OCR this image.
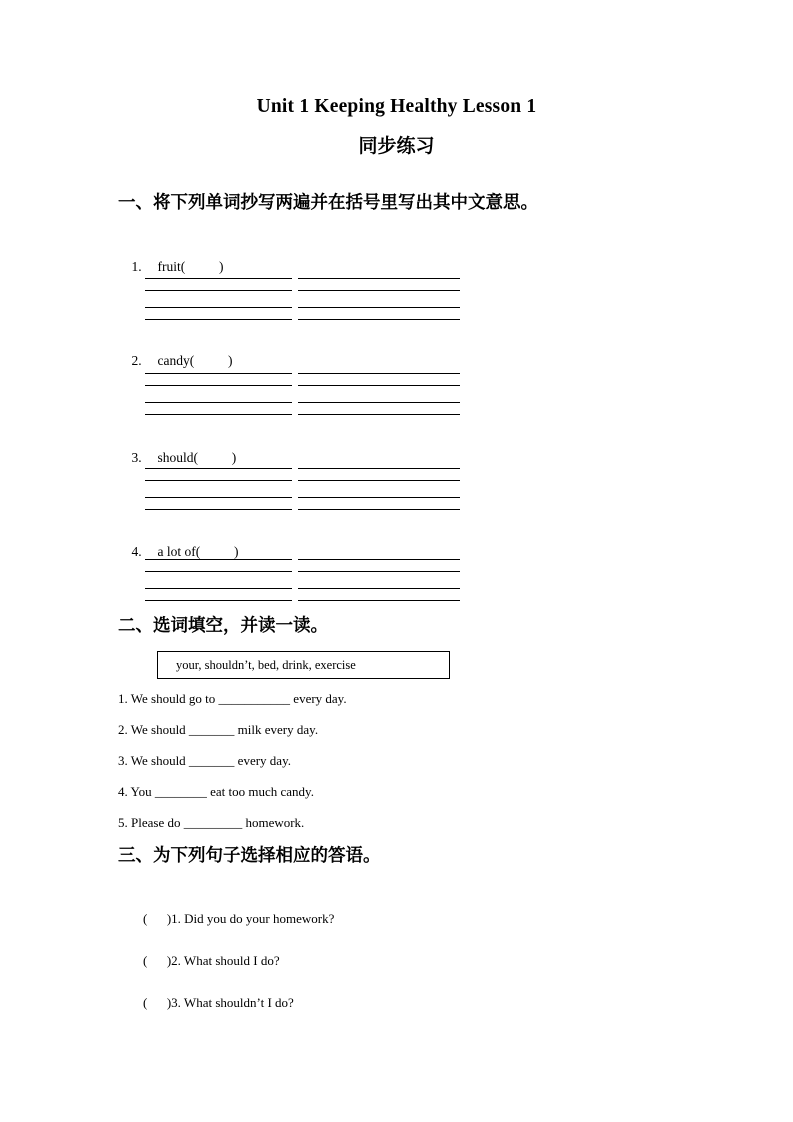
Unit 1 Keeping Healthy Lesson 1
同步练习
一、将下列单词抄写两遍并在括号里写出其中文意思。

1. fruit(          )

2. candy(          )

3. should(          )

4. a lot of(          )

二、选词填空，并读一读。
your, shouldn’t, bed, drink, exercise
1. We should go to ___________ every day.
2. We should _______ milk every day.
3. We should _______ every day.
4. You ________ eat too much candy.
5. Please do _________ homework.
三、为下列句子选择相应的答语。

(      )1. Did you do your homework?

(      )2. What should I do?

(      )3. What shouldn’t I do?
